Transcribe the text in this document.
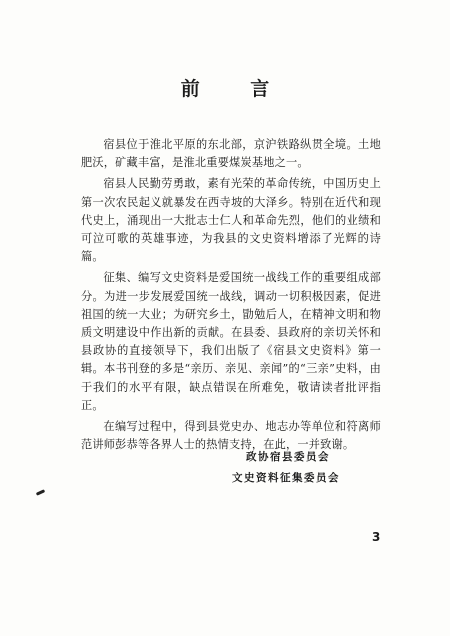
前 言

宿县位于淮北平原的东北部，京沪铁路纵贯全境。土地肥沃，矿藏丰富，是淮北重要煤炭基地之一。

宿县人民勤劳勇敢，素有光荣的革命传统，中国历史上第一次农民起义就暴发在西寺坡的大泽乡。特别在近代和现代史上，涌现出一大批志士仁人和革命先烈，他们的业绩和可泣可歌的英雄事迹，为我县的文史资料增添了光辉的诗篇。

征集、编写文史资料是爱国统一战线工作的重要组成部分。为进一步发展爱国统一战线，调动一切积极因素，促进祖国的统一大业；为研究乡土，勖勉后人，在精神文明和物质文明建设中作出新的贡献。在县委、县政府的亲切关怀和县政协的直接领导下，我们出版了《宿县文史资料》第一辑。本书刊登的多是“亲历、亲见、亲闻”的“三亲”史料，由于我们的水平有限，缺点错误在所难免，敬请读者批评指正。

在编写过程中，得到县党史办、地志办等单位和符离师范讲师彭恭等各界人士的热情支持，在此，一并致谢。

政协宿县委员会
文史资料征集委员会
3
